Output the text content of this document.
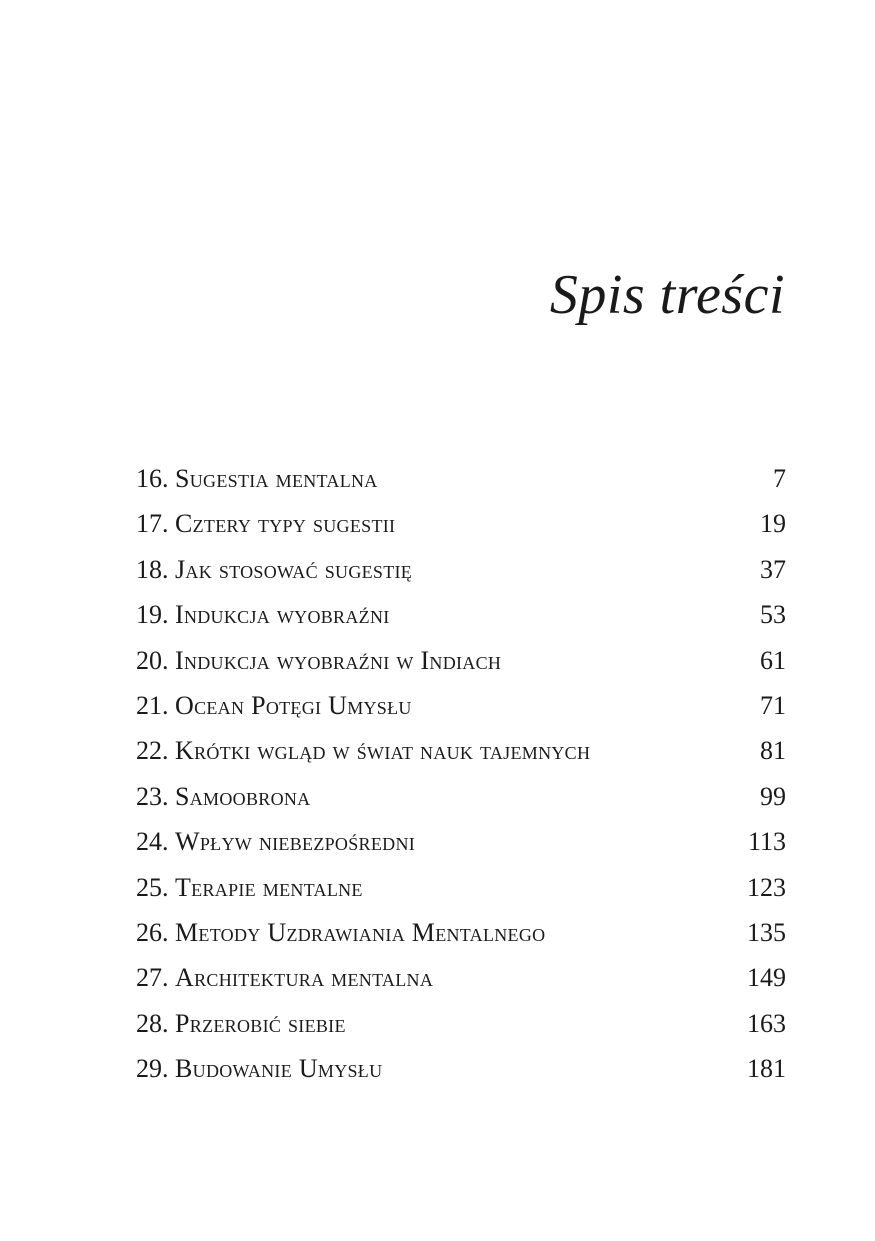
Spis treści
16. Sugestia mentalna	7
17. Cztery typy sugestii	19
18. Jak stosować sugestię	37
19. Indukcja wyobraźni	53
20. Indukcja wyobraźni w Indiach	61
21. Ocean Potęgi Umysłu	71
22. Krótki wgląd w świat nauk tajemnych	81
23. Samoobrona	99
24. Wpływ niebezpośredni	113
25. Terapie mentalne	123
26. Metody Uzdrawiania Mentalnego	135
27. Architektura mentalna	149
28. Przerobić siebie	163
29. Budowanie Umysłu	181
